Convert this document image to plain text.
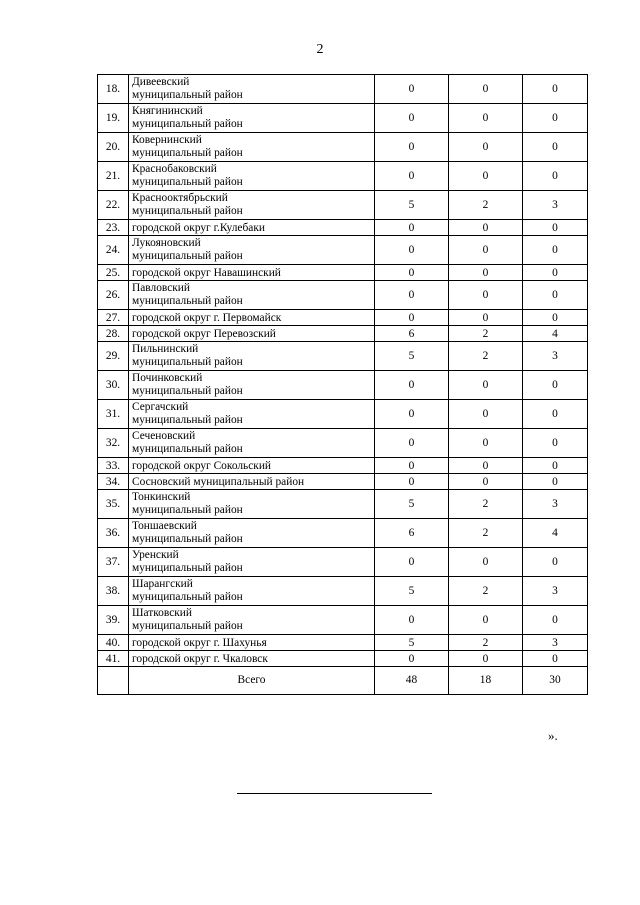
2
18.	Дивеевский
муниципальный район	0	0	0
19.	Княгининский
муниципальный район	0	0	0
20.	Ковернинский
муниципальный район	0	0	0
21.	Краснобаковский
муниципальный район	0	0	0
22.	Краснооктябрьский
муниципальный район	5	2	3
23.	городской округ г.Кулебаки	0	0	0
24.	Лукояновский
муниципальный район	0	0	0
25.	городской округ Навашинский	0	0	0
26.	Павловский
муниципальный район	0	0	0
27.	городской округ г. Первомайск	0	0	0
28.	городской округ Перевозский	6	2	4
29.	Пильнинский
муниципальный район	5	2	3
30.	Починковский
муниципальный район	0	0	0
31.	Сергачский
муниципальный район	0	0	0
32.	Сеченовский
муниципальный район	0	0	0
33.	городской округ Сокольский	0	0	0
34.	Сосновский муниципальный район	0	0	0
35.	Тонкинский
муниципальный район	5	2	3
36.	Тоншаевский
муниципальный район	6	2	4
37.	Уренский
муниципальный район	0	0	0
38.	Шарангский
муниципальный район	5	2	3
39.	Шатковский
муниципальный район	0	0	0
40.	городской округ г. Шахунья	5	2	3
41.	городской округ г. Чкаловск	0	0	0
	Всего	48	18	30
».
